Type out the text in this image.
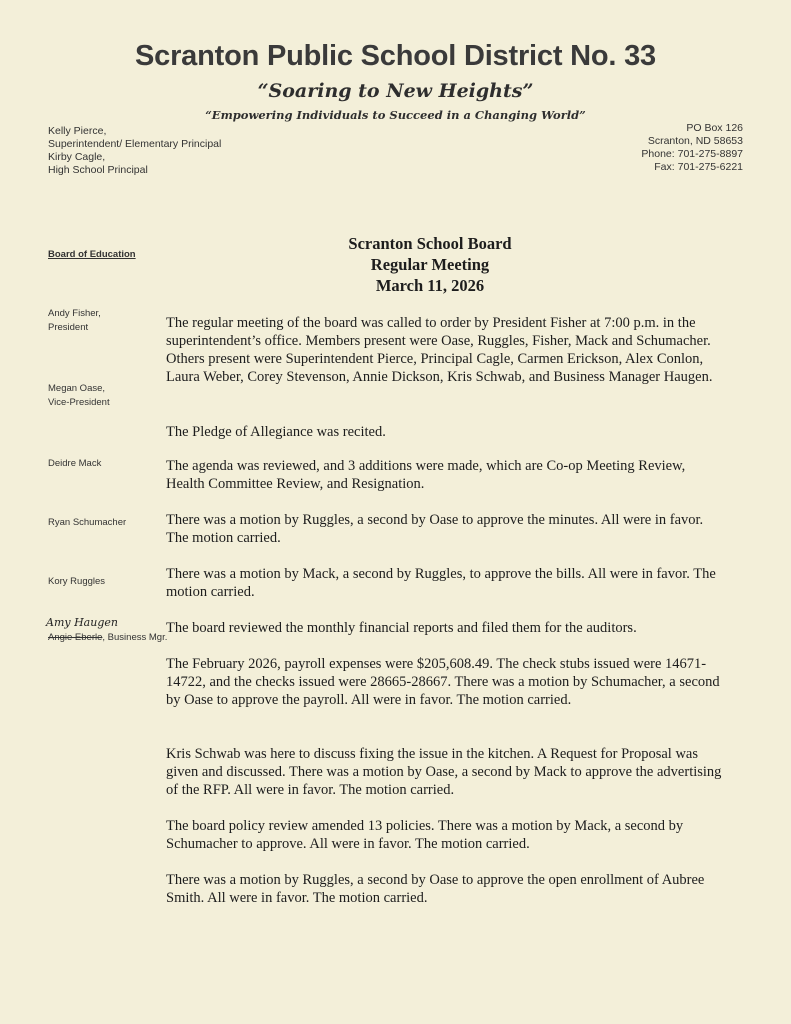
Scranton Public School District No. 33
“Soaring to New Heights”
“Empowering Individuals to Succeed in a Changing World”
Kelly Pierce,
Superintendent/ Elementary Principal
Kirby Cagle,
High School Principal
PO Box 126
Scranton, ND 58653
Phone: 701-275-8897
Fax: 701-275-6221
Board of Education
Andy Fisher,
President
Megan Oase,
Vice-President
Deidre Mack
Ryan Schumacher
Kory Ruggles
Amy Haugen
Angie Eberle, Business Mgr.
Scranton School Board
Regular Meeting
March 11, 2026

The regular meeting of the board was called to order by President Fisher at 7:00 p.m. in the superintendent’s office. Members present were Oase, Ruggles, Fisher, Mack and Schumacher. Others present were Superintendent Pierce, Principal Cagle, Carmen Erickson, Alex Conlon, Laura Weber, Corey Stevenson, Annie Dickson, Kris Schwab, and Business Manager Haugen.

The Pledge of Allegiance was recited.

The agenda was reviewed, and 3 additions were made, which are Co-op Meeting Review, Health Committee Review, and Resignation.

There was a motion by Ruggles, a second by Oase to approve the minutes. All were in favor. The motion carried.

There was a motion by Mack, a second by Ruggles, to approve the bills. All were in favor. The motion carried.

The board reviewed the monthly financial reports and filed them for the auditors.

The February 2026, payroll expenses were $205,608.49. The check stubs issued were 14671-14722, and the checks issued were 28665-28667. There was a motion by Schumacher, a second by Oase to approve the payroll. All were in favor. The motion carried.

Kris Schwab was here to discuss fixing the issue in the kitchen. A Request for Proposal was given and discussed. There was a motion by Oase, a second by Mack to approve the advertising of the RFP. All were in favor. The motion carried.

The board policy review amended 13 policies. There was a motion by Mack, a second by Schumacher to approve. All were in favor. The motion carried.

There was a motion by Ruggles, a second by Oase to approve the open enrollment of Aubree Smith. All were in favor. The motion carried.
